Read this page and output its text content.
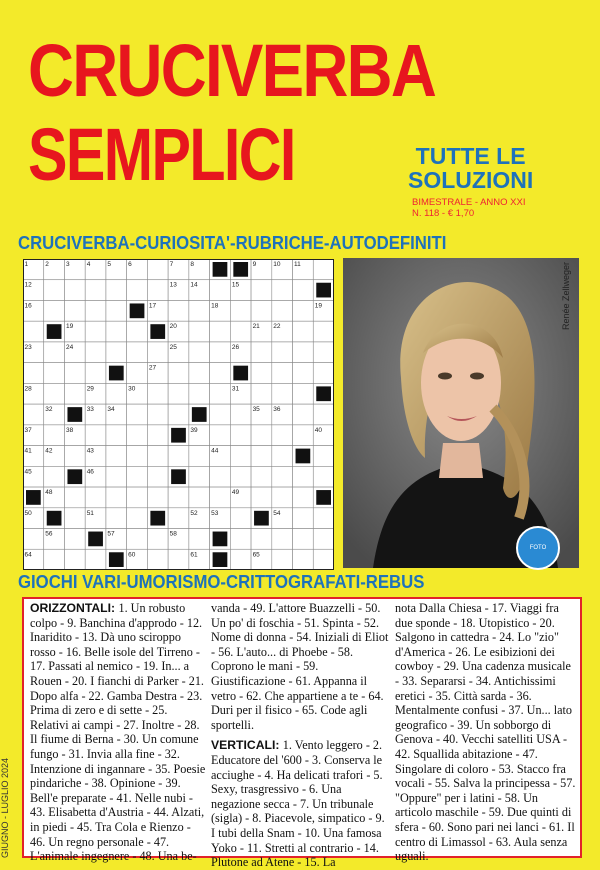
CRUCIVERBA
SEMPLICI	TUTTE LE
SOLUZIONI
BIMESTRALE - ANNO XXI
N. 118 - € 1,70
CRUCIVERBA-CURIOSITA'-RUBRICHE-AUTODEFINITI
1	2	3	4	5	6	7	8	9	10 11
12	13 14	15
16	17	18	19
19	20	21 22
23	24	25	26
27
28	29	30	31
32	33 34	35 36
37	38	39	40
41 42	43	44
45	46
48	49
50	51	52 53	54
56	57	58
64	60	61	65
Renée Zellweger
FOTO
GIOCHI VARI-UMORISMO-CRITTOGRAFATI-REBUS
ORIZZONTALI: 1. Un robusto colpo - 9. Banchina d'approdo - 12. Inaridito - 13. Dà uno sciroppo rosso - 16. Belle isole del Tirreno - 17. Passati al nemico - 19. In... a Rouen - 20. I fianchi di Parker - 21. Dopo alfa - 22. Gamba Destra - 23. Prima di zero e di sette - 25. Relativi ai campi - 27. Inoltre - 28. Il fiume di Berna - 30. Un comune fungo - 31. Invia alla fine - 32. Intenzione di ingannare - 35. Poesie pindariche - 38. Opinione - 39. Bell'e preparate - 41. Nelle nubi - 43. Elisabetta d'Austria - 44. Alzati, in piedi - 45. Tra Cola e Rienzo - 46. Un regno personale - 47. L'animale ingegnere - 48. Una be-
vanda - 49. L'attore Buazzelli - 50. Un po' di foschia - 51. Spinta - 52. Nome di donna - 54. Iniziali di Eliot - 56. L'auto... di Phoebe - 58. Coprono le mani - 59. Giustificazione - 61. Appanna il vetro - 62. Che appartiene a te - 64. Duri per il fisico - 65. Code agli sportelli.
VERTICALI: 1. Vento leggero - 2. Educatore del '600 - 3. Conserva le acciughe - 4. Ha delicati trafori - 5. Sexy, trasgressivo - 6. Una negazione secca - 7. Un tribunale (sigla) - 8. Piacevole, simpatico - 9. I tubi della Snam - 10. Una famosa Yoko - 11. Stretti al contrario - 14. Plutone ad Atene - 15. La
nota Dalla Chiesa - 17. Viaggi fra due sponde - 18. Utopistico - 20. Salgono in cattedra - 24. Lo "zio" d'America - 26. Le esibizioni dei cowboy - 29. Una cadenza musicale - 33. Separarsi - 34. Antichissimi eretici - 35. Città sarda - 36. Mentalmente confusi - 37. Un... lato geografico - 39. Un sobborgo di Genova - 40. Vecchi satelliti USA - 42. Squallida abitazione - 47. Singolare di coloro - 53. Stacco fra vocali - 55. Salva la principessa - 57. "Oppure" per i latini - 58. Un articolo maschile - 59. Due quinti di sfera - 60. Sono pari nei lanci - 61. Il centro di Limassol - 63. Aula senza uguali.
GIUGNO - LUGLIO 2024
